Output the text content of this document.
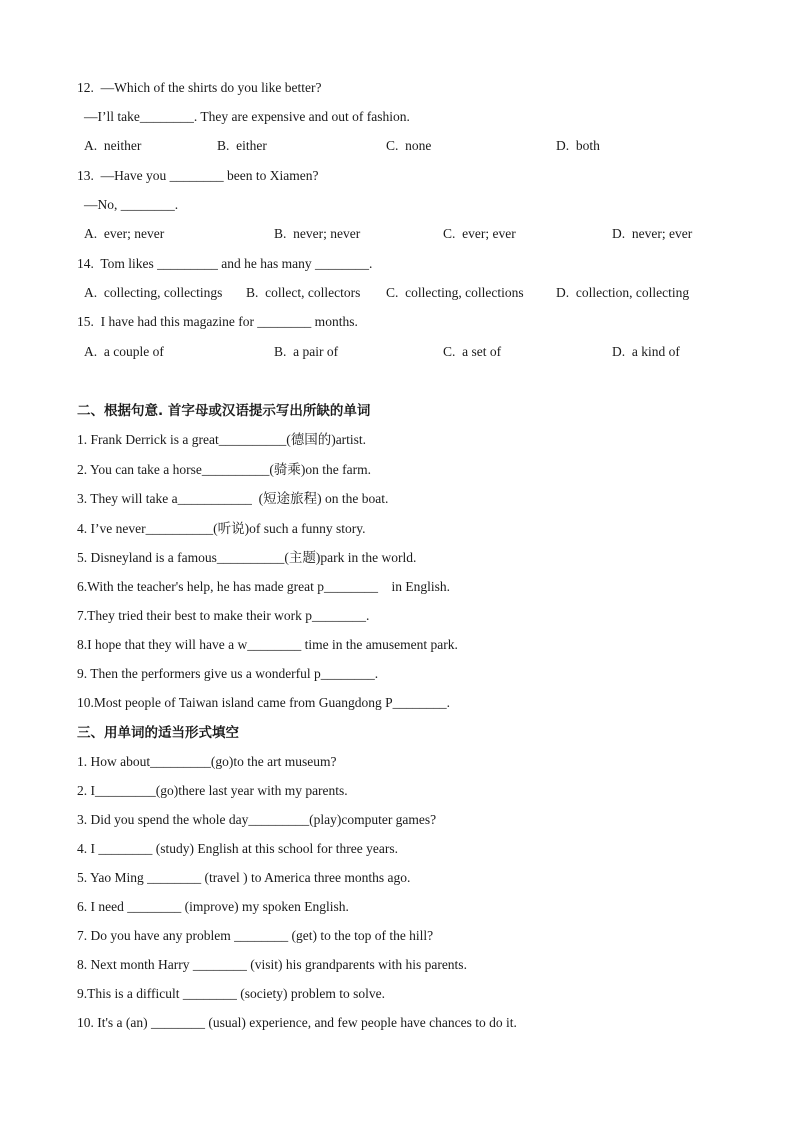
12.  —Which of the shirts do you like better?
—I’ll take________. They are expensive and out of fashion.
A.  neither	B.  either	C.  none	D.  both
13.  —Have you ________ been to Xiamen?
—No, ________.
A.  ever; never	B.  never; never	C.  ever; ever	D.  never; ever
14.  Tom likes _________ and he has many ________.
A.  collecting, collectings B.  collect, collectors C.  collecting, collections D.  collection, collecting
15.  I have had this magazine for ________ months.
A.  a couple of	B.  a pair of	C.  a set of	D.  a kind of
二、根据句意. 首字母或汉语提示写出所缺的单词
1. Frank Derrick is a great__________(德国的)artist.
2. You can take a horse__________(骑乘)on the farm.
3. They will take a___________  (短途旅程) on the boat.
4. I’ve never__________(听说)of such a funny story.
5. Disneyland is a famous__________(主题)park in the world.
6.With the teacher's help, he has made great p________    in English.
7.They tried their best to make their work p________.
8.I hope that they will have a w________ time in the amusement park.
9. Then the performers give us a wonderful p________.
10.Most people of Taiwan island came from Guangdong P________.
三、用单词的适当形式填空
1. How about_________(go)to the art museum?
2. I_________(go)there last year with my parents.
3. Did you spend the whole day_________(play)computer games?
4. I ________ (study) English at this school for three years.
5. Yao Ming ________ (travel ) to America three months ago.
6. I need ________ (improve) my spoken English.
7. Do you have any problem ________ (get) to the top of the hill?
8. Next month Harry ________ (visit) his grandparents with his parents.
9.This is a difficult ________ (society) problem to solve.
10. It's a (an) ________ (usual) experience, and few people have chances to do it.
